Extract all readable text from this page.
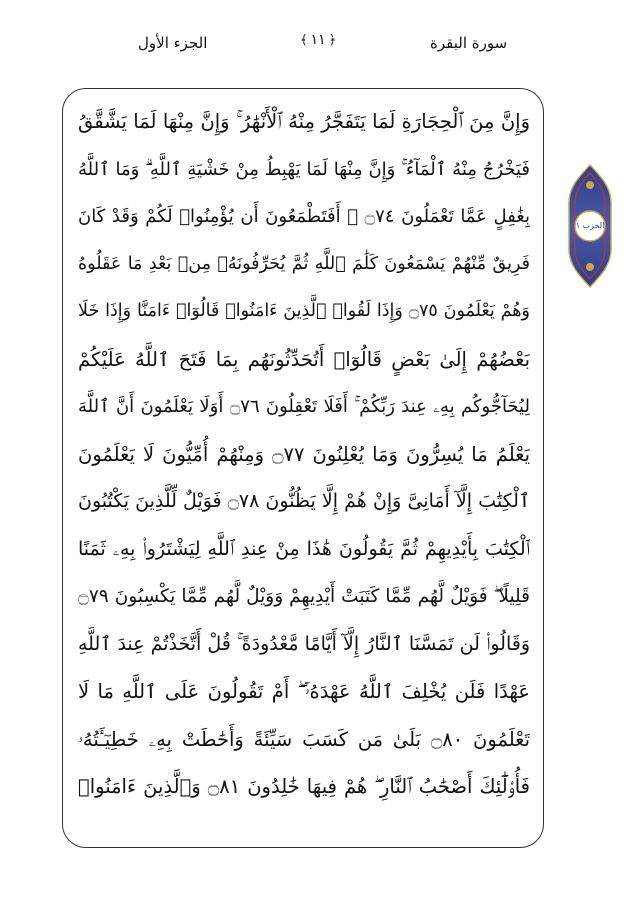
الجزء الأول	﴿
١١
﴾	سورة البقرة
وَإِنَّ مِنَ ٱلْحِجَارَةِ لَمَا يَتَفَجَّرُ مِنْهُ ٱلْأَنْهَٰرُ ۚ وَإِنَّ مِنْهَا لَمَا يَشَّقَّقُ
فَيَخْرُجُ مِنْهُ ٱلْمَآءُ ۚ وَإِنَّ مِنْهَا لَمَا يَهْبِطُ مِنْ خَشْيَةِ ٱللَّهِ ۗ وَمَا ٱللَّهُ
بِغَٰفِلٍ عَمَّا تَعْمَلُونَ ۝٧٤ ۞ أَفَتَطْمَعُونَ أَن يُؤْمِنُوا۟ لَكُمْ وَقَدْ كَانَ
فَرِيقٌ مِّنْهُمْ يَسْمَعُونَ كَلَٰمَ ٱللَّهِ ثُمَّ يُحَرِّفُونَهُۥ مِنۢ بَعْدِ مَا عَقَلُوهُ
وَهُمْ يَعْلَمُونَ ۝٧٥ وَإِذَا لَقُوا۟ ٱلَّذِينَ ءَامَنُوا۟ قَالُوٓا۟ ءَامَنَّا وَإِذَا خَلَا
بَعْضُهُمْ إِلَىٰ بَعْضٍ قَالُوٓا۟ أَتُحَدِّثُونَهُم بِمَا فَتَحَ ٱللَّهُ عَلَيْكُمْ
لِيُحَآجُّوكُم بِهِۦ عِندَ رَبِّكُمْ ۚ أَفَلَا تَعْقِلُونَ ۝٧٦ أَوَلَا يَعْلَمُونَ أَنَّ ٱللَّهَ
يَعْلَمُ مَا يُسِرُّونَ وَمَا يُعْلِنُونَ ۝٧٧ وَمِنْهُمْ أُمِّيُّونَ لَا يَعْلَمُونَ
ٱلْكِتَٰبَ إِلَّآ أَمَانِىَّ وَإِنْ هُمْ إِلَّا يَظُنُّونَ ۝٧٨ فَوَيْلٌ لِّلَّذِينَ يَكْتُبُونَ
ٱلْكِتَٰبَ بِأَيْدِيهِمْ ثُمَّ يَقُولُونَ هَٰذَا مِنْ عِندِ ٱللَّهِ لِيَشْتَرُوا۟ بِهِۦ ثَمَنًا
قَلِيلًا ۖ فَوَيْلٌ لَّهُم مِّمَّا كَتَبَتْ أَيْدِيهِمْ وَوَيْلٌ لَّهُم مِّمَّا يَكْسِبُونَ ۝٧٩
وَقَالُوا۟ لَن تَمَسَّنَا ٱلنَّارُ إِلَّآ أَيَّامًا مَّعْدُودَةً ۚ قُلْ أَتَّخَذْتُمْ عِندَ ٱللَّهِ
عَهْدًا فَلَن يُخْلِفَ ٱللَّهُ عَهْدَهُۥٓ ۖ أَمْ تَقُولُونَ عَلَى ٱللَّهِ مَا لَا
تَعْلَمُونَ ۝٨٠ بَلَىٰ مَن كَسَبَ سَيِّئَةً وَأَحَٰطَتْ بِهِۦ خَطِيٓـَٔتُهُۥ
فَأُو۟لَٰٓئِكَ أَصْحَٰبُ ٱلنَّارِ ۖ هُمْ فِيهَا خَٰلِدُونَ ۝٨١ وَٱلَّذِينَ ءَامَنُوا۟
الحزب ١
